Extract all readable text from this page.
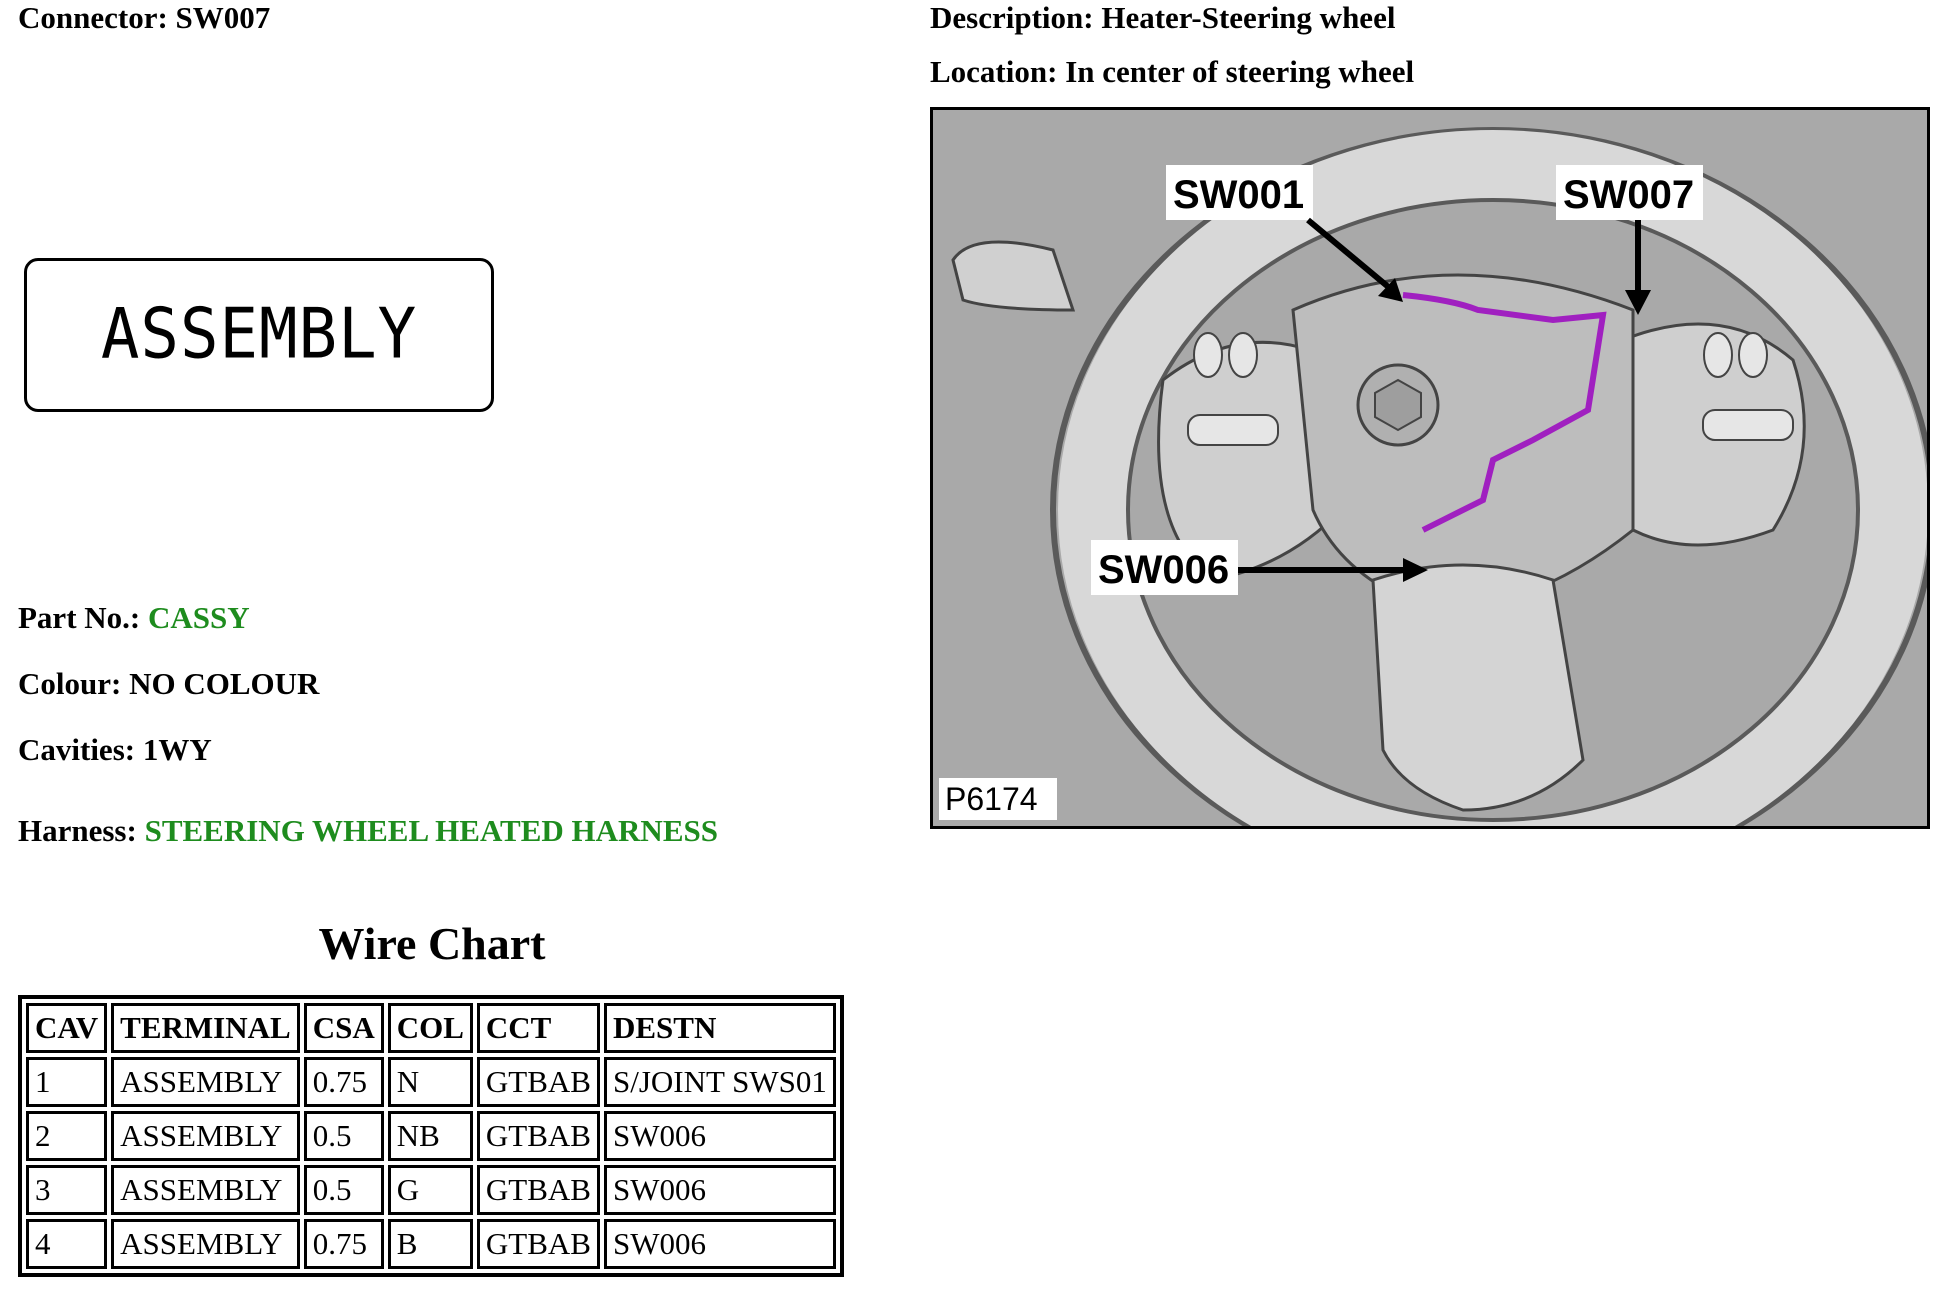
Connector: SW007	Description: Heater-Steering wheel
Location: In center of steering wheel
ASSEMBLY
Part No.: CASSY
Colour: NO COLOUR
Cavities: 1WY
Harness: STEERING WHEEL HEATED HARNESS
Wire Chart
CAV	TERMINAL	CSA	COL	CCT	DESTN
1	ASSEMBLY	0.75	N	GTBAB	S/JOINT SWS01
2	ASSEMBLY	0.5	NB	GTBAB	SW006
3	ASSEMBLY	0.5	G	GTBAB	SW006
4	ASSEMBLY	0.75	B	GTBAB	SW006
SW001	SW007
SW006
P6174
